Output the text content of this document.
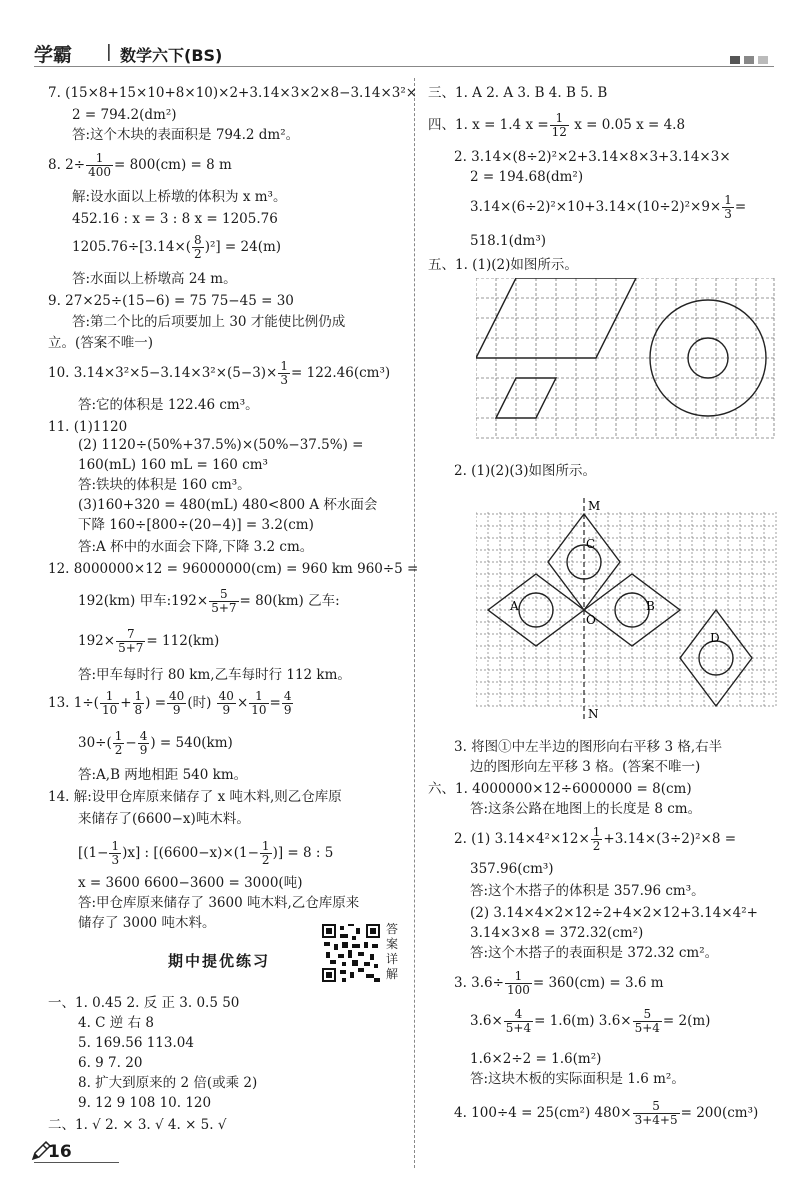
学霸 | 数学六下(BS)
7. (15×8+15×10+8×10)×2+3.14×3×2×8−3.14×3²×
2 = 794.2(dm²)
答:这个木块的表面积是 794.2 dm²。
8. $2\div \frac{1}{400} = 800(cm) = 8$ m
解:设水面以上桥墩的体积为 x m³。
452.16 : x = 3 : 8 x = 1205.76
$1205.76\div[3.14\times( \frac{8}{2} )^2] = 24(m)$
答:水面以上桥墩高 24 m。
9. 27×25÷(15−6) = 75 75−45 = 30
答:第二个比的后项要加上 30 才能使比例仍成
立。(答案不唯一)
10. $3.14\times 3^2\times 5-3.14\times 3^2\times(5-3)\times \frac{1}{3} = 122.46(cm^3)$
答:它的体积是 122.46 cm³。
11. (1)1120
(2) 1120÷(50%+37.5%)×(50%−37.5%) =
160(mL) 160 mL = 160 cm³
答:铁块的体积是 160 cm³。
(3)160+320 = 480(mL) 480<800 A 杯水面会
下降 160÷[800÷(20−4)] = 3.2(cm)
答:A 杯中的水面会下降,下降 3.2 cm。
12. 8000000×12 = 96000000(cm) = 960 km 960÷5 =
192(km) 甲车:192× $\frac{5}{5+7} = 80(km)$ 乙车:
$192\times \frac{7}{5+7} = 112(km)$
答:甲车每时行 80 km,乙车每时行 112 km。
13. $1\div( \frac{1}{10} + \frac{1}{8}$ ) = $\frac{40}{9}$ (时) $\frac{40}{9} \times \frac{1}{10} = \frac{4}{9}$
$30\div( \frac{1}{2} - \frac{4}{9}$ ) = 540(km)
答:A,B 两地相距 540 km。
14. 解:设甲仓库原来储存了 x 吨木料,则乙仓库原
来储存了(6600−x)吨木料。
$[(1- \frac{1}{3} )x]$ : [$(6600-x)\times(1- \frac{1}{2}$ )] = 8 : 5
x = 3600 6600−3600 = 3000(吨)
答:甲仓库原来储存了 3600 吨木料,乙仓库原来
储存了 3000 吨木料。
期中提优练习
答案详解
一、1. 0.45 2. 反 正 3. 0.5 50
4. C 逆 右 8
5. 169.56 113.04
6. 9 7. 20
8. 扩大到原来的 2 倍(或乘 2)
9. 12 9 108 10. 120
二、1. √ 2. × 3. √ 4. × 5. √
16
三、1. A 2. A 3. B 4. B 5. B
四、1. x = 1.4 $x = \frac{1}{12}$ x = 0.05 x = 4.8
2. 3.14×(8÷2)²×2+3.14×8×3+3.14×3×
2 = 194.68(dm²)
$3.14\times(6\div 2)^2\times 10+3.14\times(10\div 2)^2\times 9\times \frac{1}{3}$ =
518.1(dm³)
五、1. (1)(2)如图所示。
2. (1)(2)(3)如图所示。
M
C
A	B
O
D
N
3. 将图①中左半边的图形向右平移 3 格,右半
边的图形向左平移 3 格。(答案不唯一)
六、1. 4000000×12÷6000000 = 8(cm)
答:这条公路在地图上的长度是 8 cm。
2. (1) $3.14\times 4^2\times 12\times \frac{1}{2} +3.14\times(3\div 2)^2\times 8$ =
357.96(cm³)
答:这个木搭子的体积是 357.96 cm³。
(2) 3.14×4×2×12÷2+4×2×12+3.14×4²+
3.14×3×8 = 372.32(cm²)
答:这个木搭子的表面积是 372.32 cm²。
3. $3.6\div \frac{1}{100} = 360(cm) = 3.6$ m
$3.6\times \frac{4}{5+4} = 1.6(m)$ $3.6\times \frac{5}{5+4} = 2(m)$
1.6×2÷2 = 1.6(m²)
答:这块木板的实际面积是 1.6 m²。
4. 100÷4 = 25(cm²) $480\times \frac{5}{3+4+5} = 200(cm^3)$
